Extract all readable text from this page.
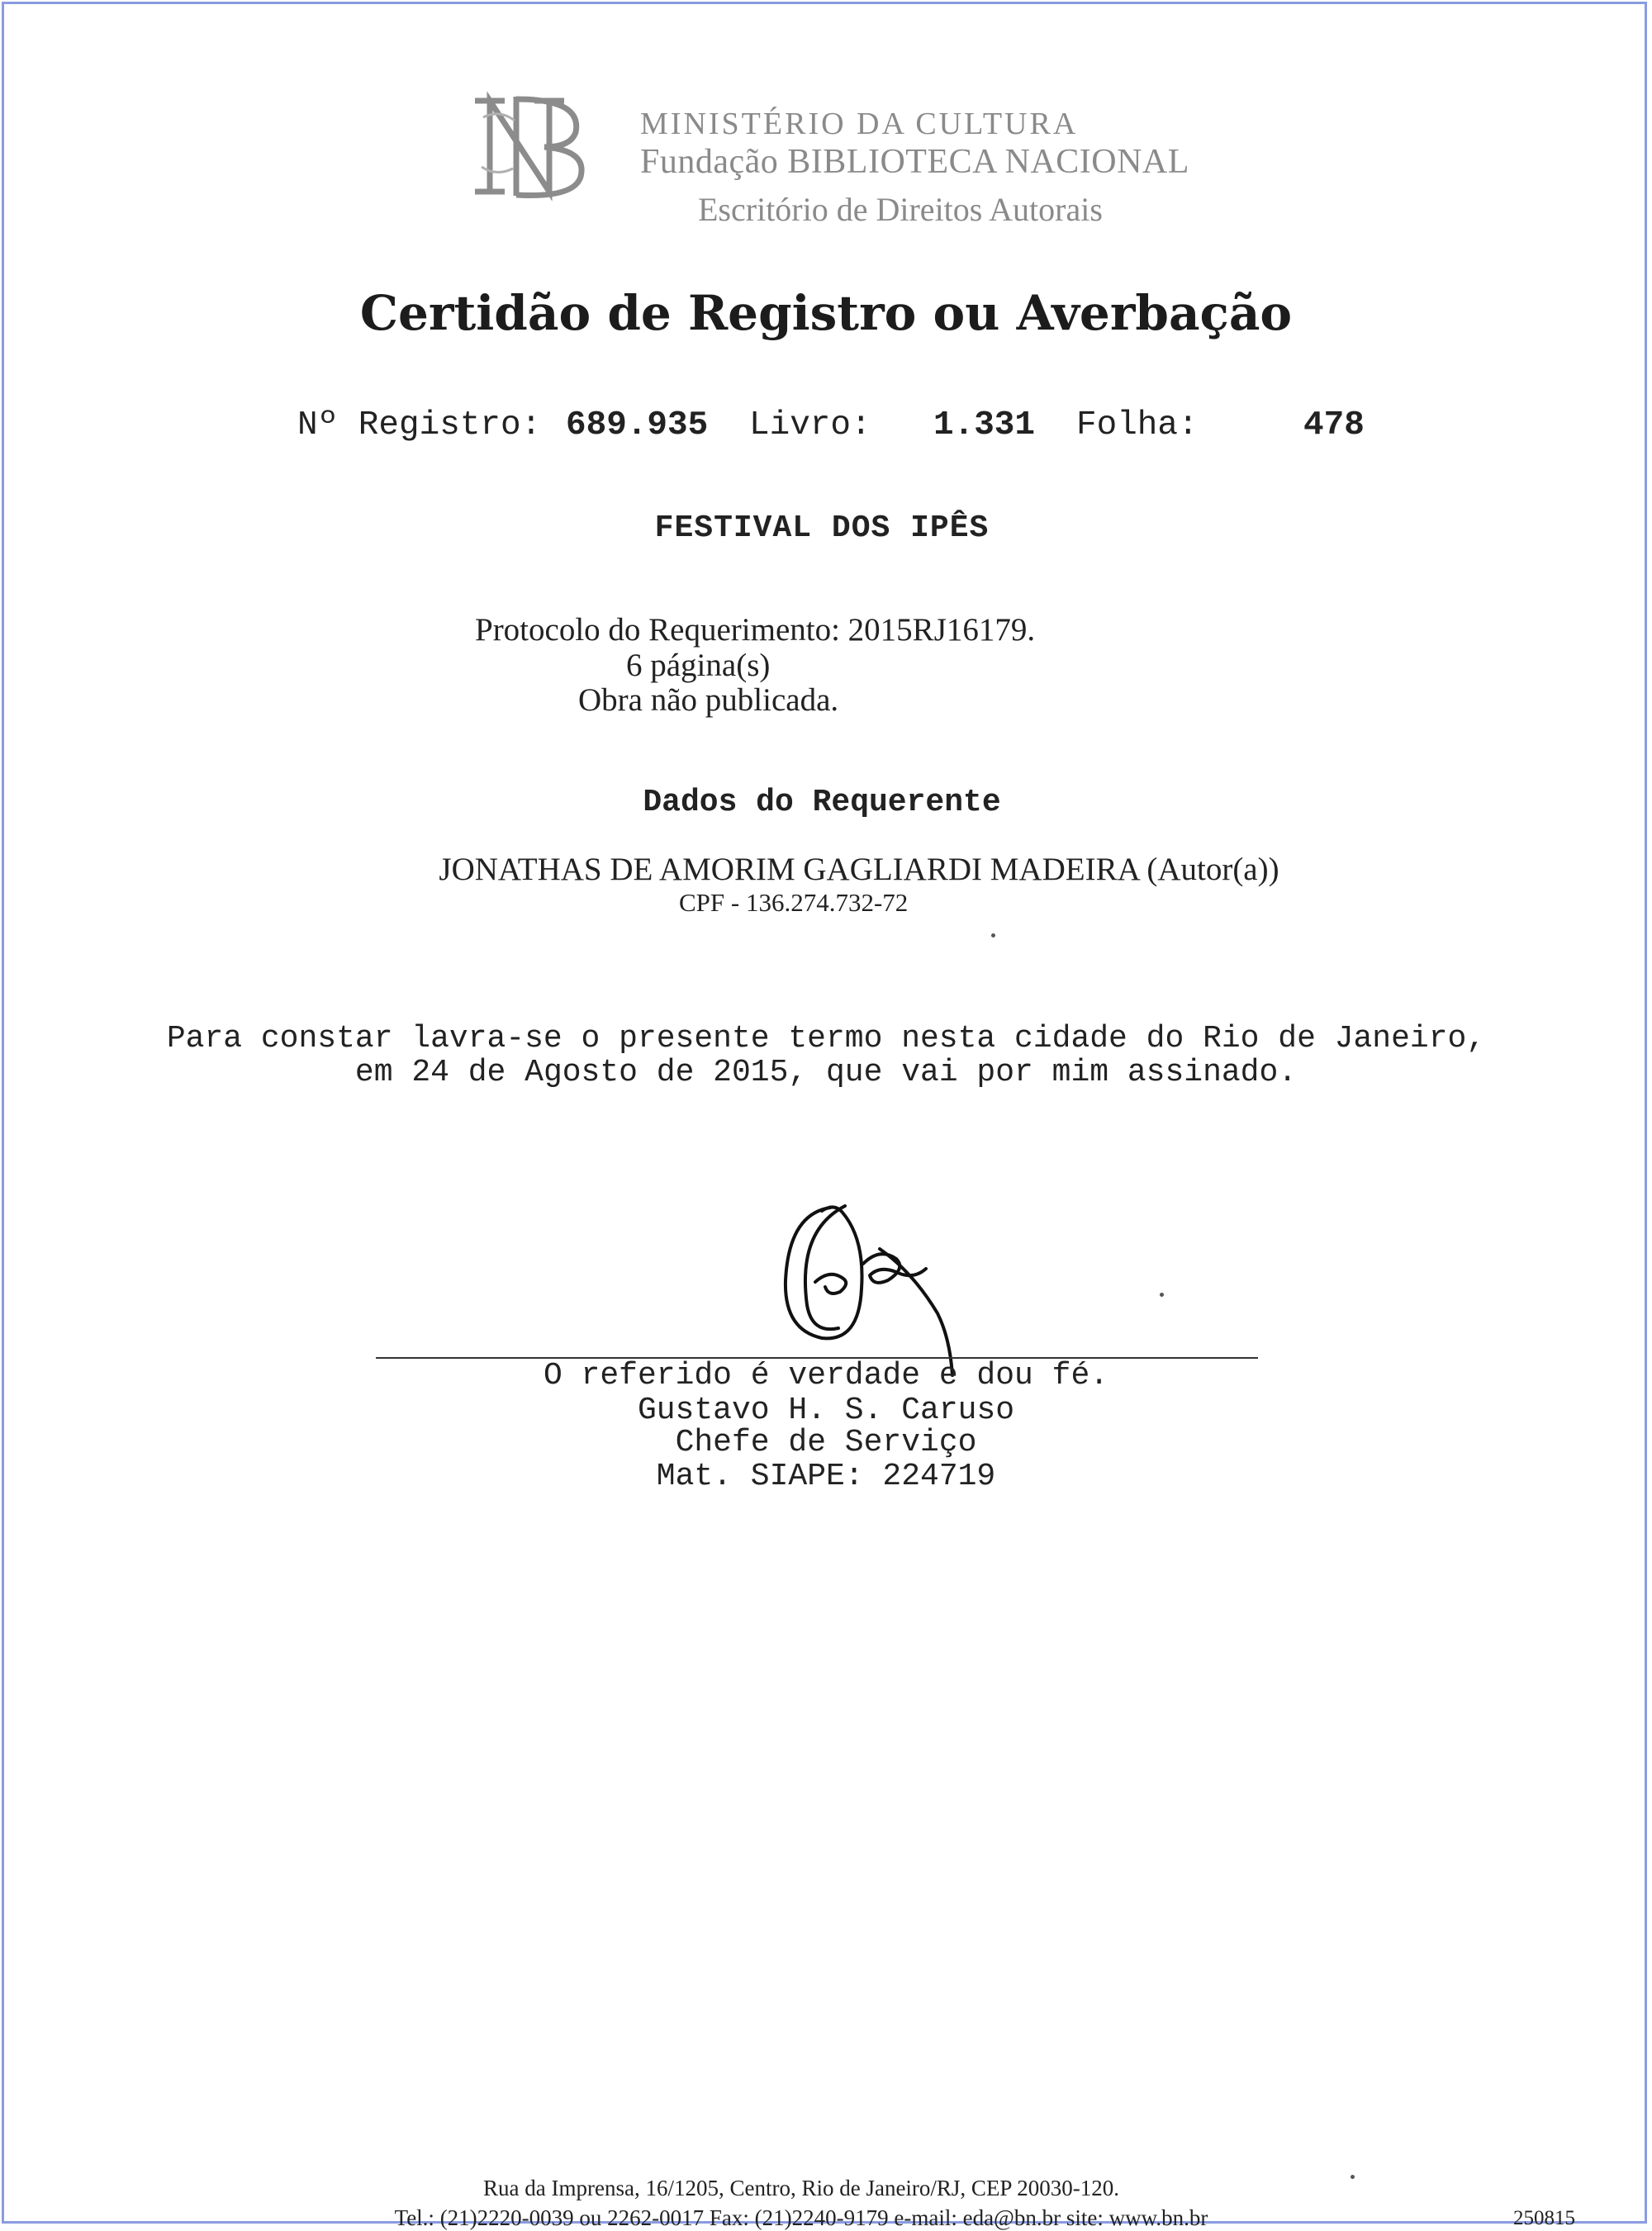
MINISTÉRIO DA CULTURA
Fundação BIBLIOTECA NACIONAL
Escritório de Direitos Autorais
Certidão de Registro ou Averbação
Nº Registro: 689.935 Livro: 1.331 Folha:	478
FESTIVAL DOS IPÊS
Protocolo do Requerimento: 2015RJ16179.
6 página(s)
Obra não publicada.
Dados do Requerente
JONATHAS DE AMORIM GAGLIARDI MADEIRA (Autor(a))
CPF - 136.274.732-72
Para constar lavra-se o presente termo nesta cidade do Rio de Janeiro,
em 24 de Agosto de 2015, que vai por mim assinado.
O referido é verdade e dou fé.
Gustavo H. S. Caruso
Chefe de Serviço
Mat. SIAPE: 224719
Rua da Imprensa, 16/1205, Centro, Rio de Janeiro/RJ, CEP 20030-120.
Tel.: (21)2220-0039 ou 2262-0017 Fax: (21)2240-9179 e-mail: eda@bn.br site: www.bn.br	250815
